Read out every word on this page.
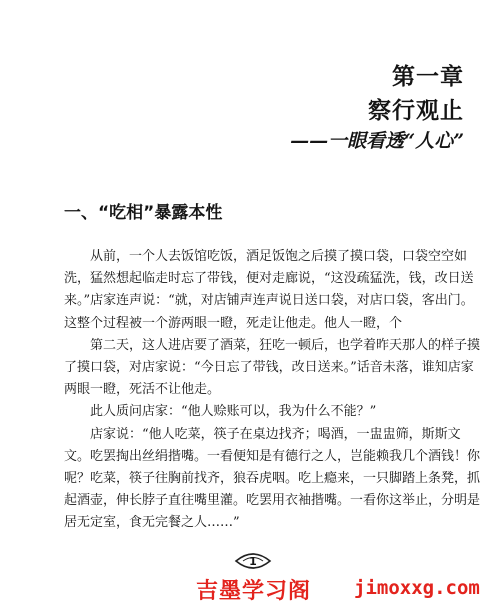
第一章
察行观止
——一眼看透“人心”
一、“吃相”暴露本性

从前，一个人去饭馆吃饭，酒足饭饱之后摸了摸口袋，口袋空空如洗，猛然想起临走时忘了带钱，便对走廊说，“这没疏猛洗，钱，改日送来。”店家连声说：“就，对店铺声连声说日送口袋，对店口袋，客出门。这整个过程被一个游两眼一瞪，死走让他走。他人一瞪，个

第二天，这人进店要了酒菜，狂吃一顿后，也学着昨天那人的样子摸了摸口袋，对店家说：“今日忘了带钱，改日送来。”话音未落，谁知店家两眼一瞪，死活不让他走。

此人质问店家：“他人赊账可以，我为什么不能？”

店家说：“他人吃菜，筷子在桌边找齐；喝酒，一盅盅筛，斯斯文文。吃罢掏出丝绢揩嘴。一看便知是有德行之人，岂能赖我几个酒钱！你呢？吃菜，筷子往胸前找齐，狼吞虎咽。吃上瘾来，一只脚踏上条凳，抓起酒壶，伸长脖子直往嘴里灌。吃罢用衣袖揩嘴。一看你这举止，分明是居无定室，食无完餐之人……”

1
吉墨学习阁 jimoxxg.com
